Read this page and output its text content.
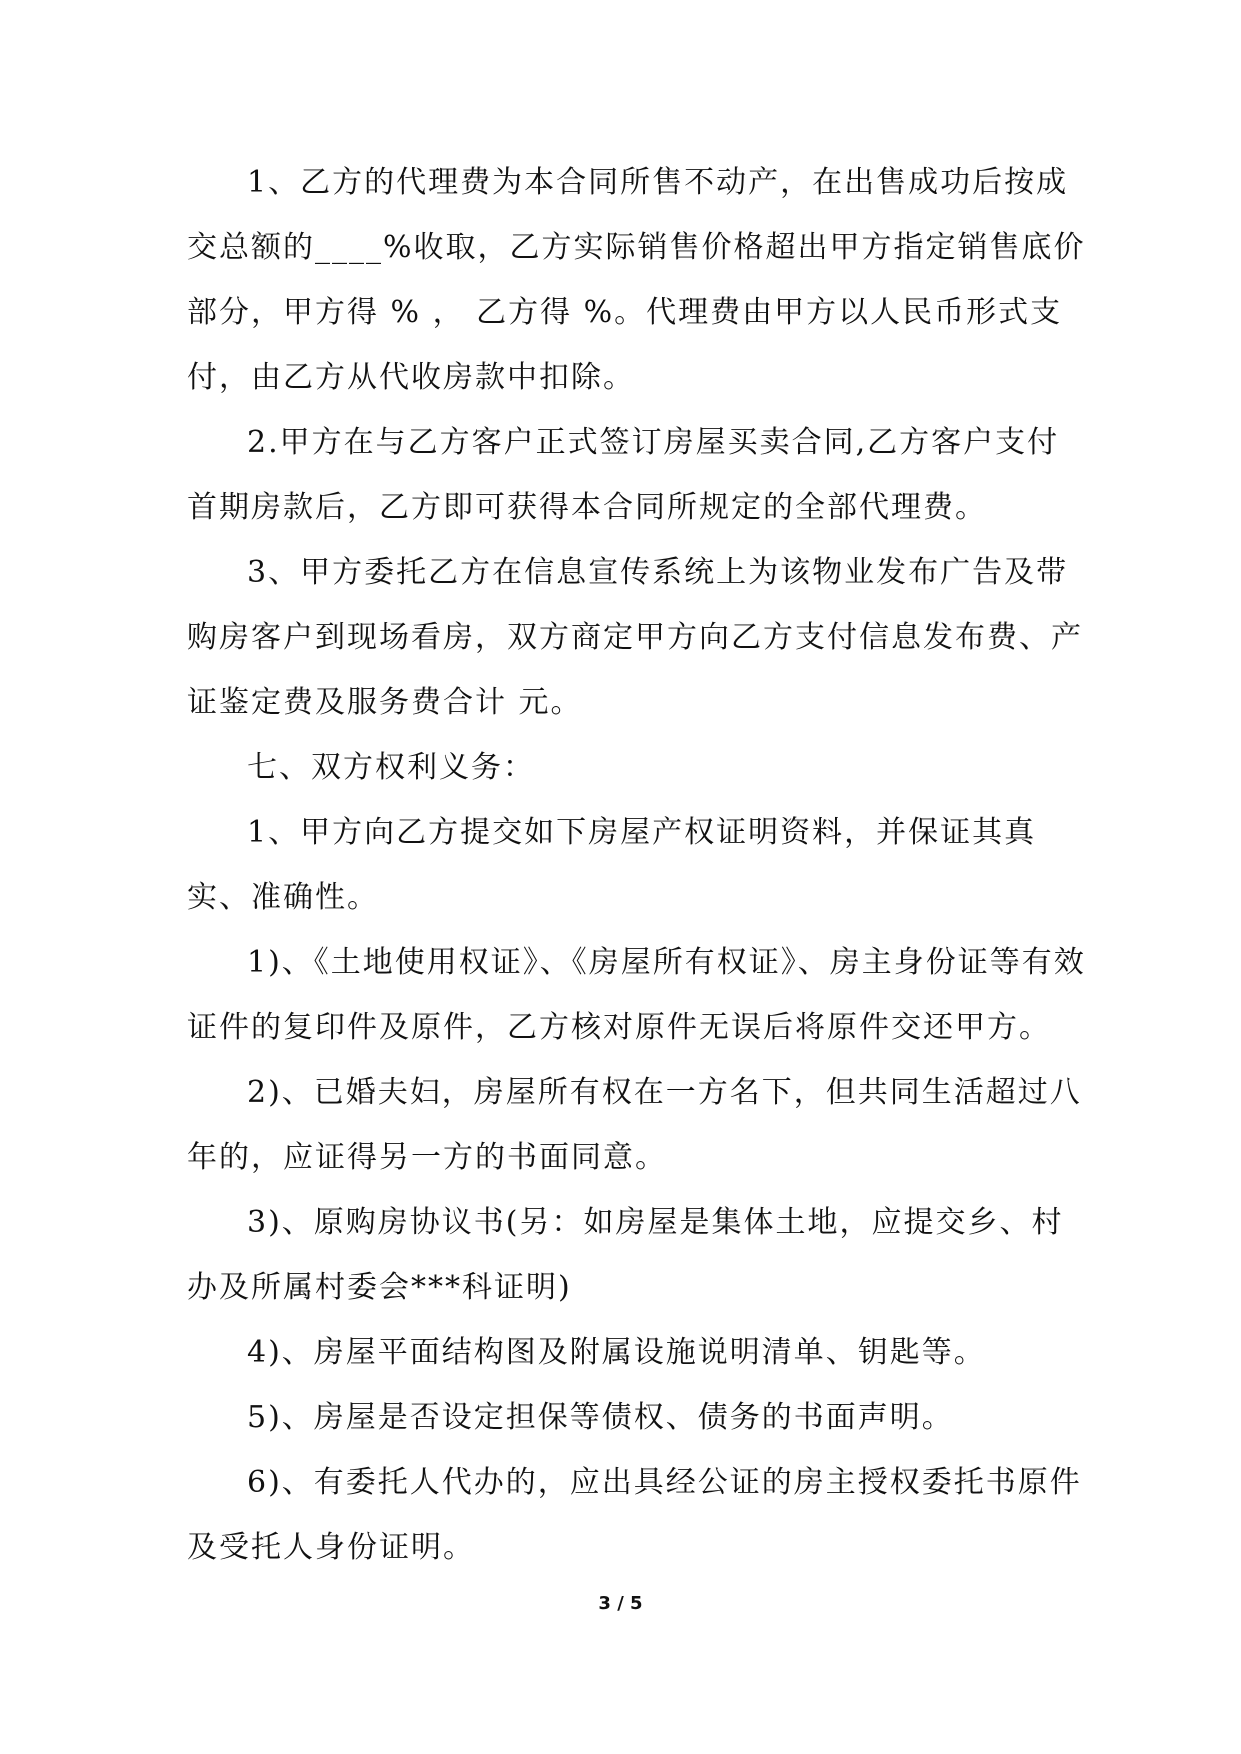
1、乙方的代理费为本合同所售不动产，在出售成功后按成交总额的____%收取，乙方实际销售价格超出甲方指定销售底价部分，甲方得 % ， 乙方得 %。代理费由甲方以人民币形式支付，由乙方从代收房款中扣除。

2.甲方在与乙方客户正式签订房屋买卖合同,乙方客户支付首期房款后，乙方即可获得本合同所规定的全部代理费。

3、甲方委托乙方在信息宣传系统上为该物业发布广告及带购房客户到现场看房，双方商定甲方向乙方支付信息发布费、产证鉴定费及服务费合计 元。

七、双方权利义务：

1、甲方向乙方提交如下房屋产权证明资料，并保证其真实、准确性。

1)、《土地使用权证》、《房屋所有权证》、房主身份证等有效证件的复印件及原件，乙方核对原件无误后将原件交还甲方。

2)、已婚夫妇，房屋所有权在一方名下，但共同生活超过八年的，应证得另一方的书面同意。

3)、原购房协议书(另：如房屋是集体土地，应提交乡、村办及所属村委会***科证明)

4)、房屋平面结构图及附属设施说明清单、钥匙等。

5)、房屋是否设定担保等债权、债务的书面声明。

6)、有委托人代办的，应出具经公证的房主授权委托书原件及受托人身份证明。

3 / 5
